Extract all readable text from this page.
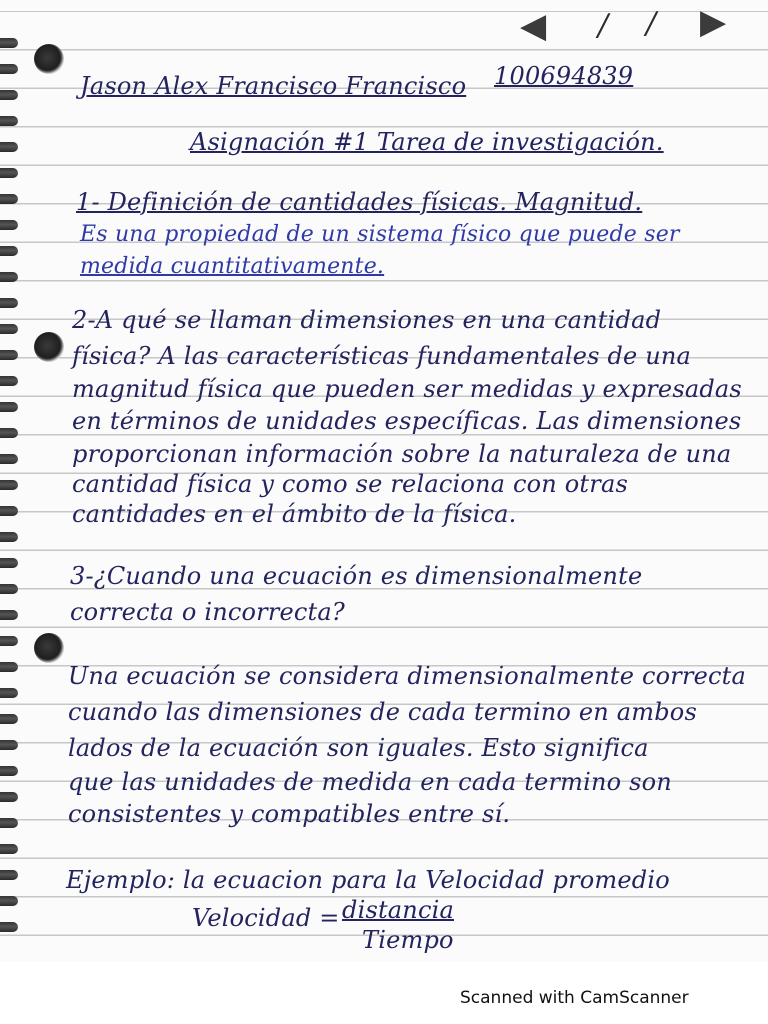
◀ / / ▶
Jason Alex Francisco Francisco 100694839
Asignación #1 Tarea de investigación.
1- Definición de cantidades físicas. Magnitud.
Es una propiedad de un sistema físico que puede ser
medida cuantitativamente.
2-A qué se llaman dimensiones en una cantidad
física? A las características fundamentales de una
magnitud física que pueden ser medidas y expresadas
en términos de unidades específicas. Las dimensiones
proporcionan información sobre la naturaleza de una
cantidad física y como se relaciona con otras
cantidades en el ámbito de la física.
3-¿Cuando una ecuación es dimensionalmente
correcta o incorrecta?
Una ecuación se considera dimensionalmente correcta
cuando las dimensiones de cada termino en ambos
lados de la ecuación son iguales. Esto significa
que las unidades de medida en cada termino son
consistentes y compatibles entre sí.
Ejemplo: la ecuacion para la Velocidad promedio
Velocidad = distancia
Tiempo
Scanned with CamScanner
